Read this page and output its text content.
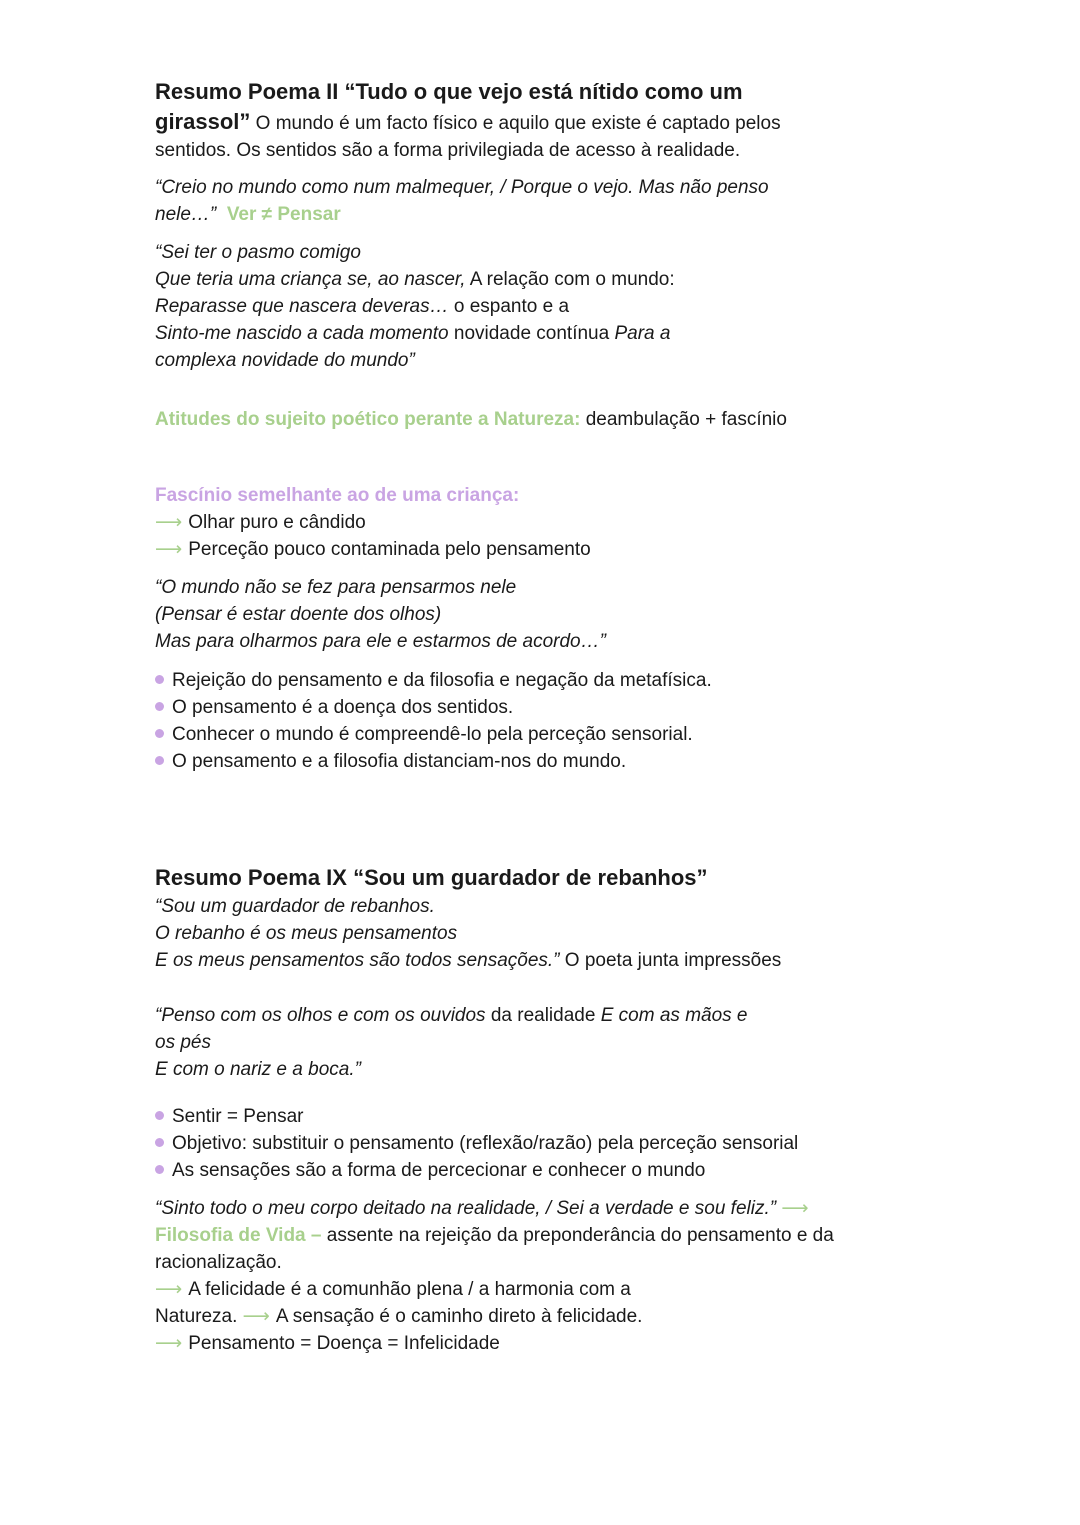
Resumo Poema II “Tudo o que vejo está nítido como um
girassol” O mundo é um facto físico e aquilo que existe é captado pelos
sentidos. Os sentidos são a forma privilegiada de acesso à realidade.
“Creio no mundo como num malmequer, / Porque o vejo. Mas não penso
nele…” Ver ≠ Pensar
“Sei ter o pasmo comigo
Que teria uma criança se, ao nascer, A relação com o mundo:
Reparasse que nascera deveras… o espanto e a
Sinto-me nascido a cada momento novidade contínua Para a
complexa novidade do mundo”
Atitudes do sujeito poético perante a Natureza: deambulação + fascínio
Fascínio semelhante ao de uma criança:
⟶ Olhar puro e cândido
⟶ Perceção pouco contaminada pelo pensamento
“O mundo não se fez para pensarmos nele
(Pensar é estar doente dos olhos)
Mas para olharmos para ele e estarmos de acordo…”
Rejeição do pensamento e da filosofia e negação da metafísica.
O pensamento é a doença dos sentidos.
Conhecer o mundo é compreendê-lo pela perceção sensorial.
O pensamento e a filosofia distanciam-nos do mundo.
Resumo Poema IX “Sou um guardador de rebanhos”
“Sou um guardador de rebanhos.
O rebanho é os meus pensamentos
E os meus pensamentos são todos sensações.” O poeta junta impressões
“Penso com os olhos e com os ouvidos da realidade E com as mãos e
os pés
E com o nariz e a boca.”
Sentir = Pensar
Objetivo: substituir o pensamento (reflexão/razão) pela perceção sensorial
As sensações são a forma de percecionar e conhecer o mundo
“Sinto todo o meu corpo deitado na realidade, / Sei a verdade e sou feliz.” ⟶
Filosofia de Vida – assente na rejeição da preponderância do pensamento e da
racionalização.
⟶ A felicidade é a comunhão plena / a harmonia com a
Natureza. ⟶ A sensação é o caminho direto à felicidade.
⟶ Pensamento = Doença = Infelicidade
